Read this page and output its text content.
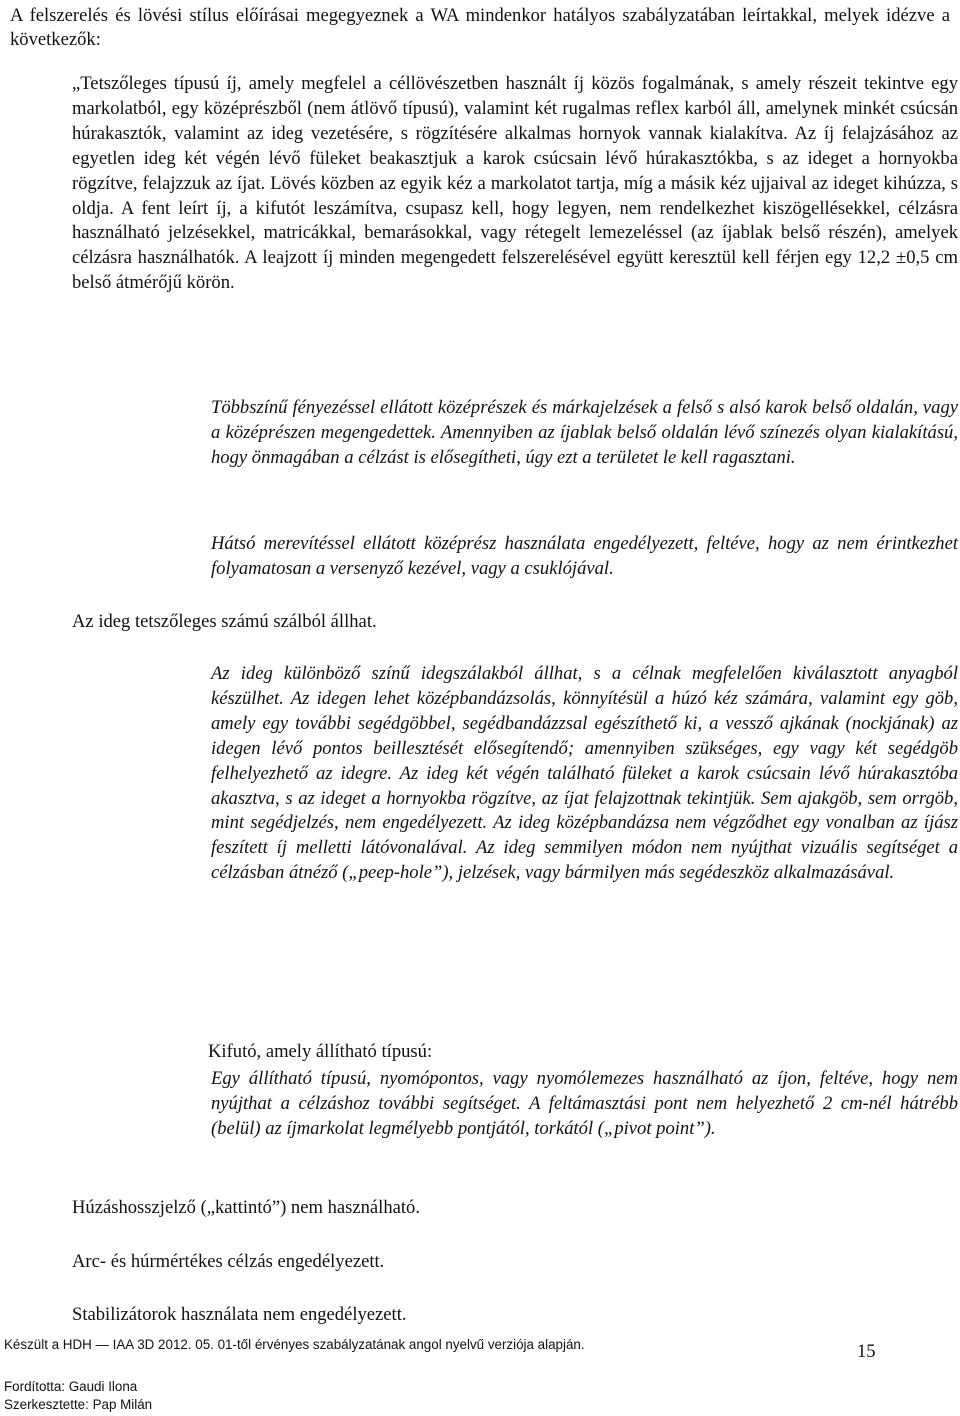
A felszerelés és lövési stílus előírásai megegyeznek a WA mindenkor hatályos szabályzatában leírtakkal, melyek idézve a következők:

„Tetszőleges típusú íj, amely megfelel a céllövészetben használt íj közös fogalmának, s amely részeit tekintve egy markolatból, egy középrészből (nem átlövő típusú), valamint két rugalmas reflex karból áll, amelynek minkét csúcsán húrakasztók, valamint az ideg vezetésére, s rögzítésére alkalmas hornyok vannak kialakítva. Az íj felajzásához az egyetlen ideg két végén lévő füleket beakasztjuk a karok csúcsain lévő húrakasztókba, s az ideget a hornyokba rögzítve, felajzzuk az íjat. Lövés közben az egyik kéz a markolatot tartja, míg a másik kéz ujjaival az ideget kihúzza, s oldja. A fent leírt íj, a kifutót leszámítva, csupasz kell, hogy legyen, nem rendelkezhet kiszögellésekkel, célzásra használható jelzésekkel, matricákkal, bemarásokkal, vagy rétegelt lemezeléssel (az íjablak belső részén), amelyek célzásra használhatók. A leajzott íj minden megengedett felszerelésével együtt keresztül kell férjen egy 12,2 ±0,5 cm belső átmérőjű körön.

Többszínű fényezéssel ellátott középrészek és márkajelzések a felső s alsó karok belső oldalán, vagy a középrészen megengedettek. Amennyiben az íjablak belső oldalán lévő színezés olyan kialakítású, hogy önmagában a célzást is elősegítheti, úgy ezt a területet le kell ragasztani.

Hátsó merevítéssel ellátott középrész használata engedélyezett, feltéve, hogy az nem érintkezhet folyamatosan a versenyző kezével, vagy a csuklójával.

Az ideg tetszőleges számú szálból állhat.

Az ideg különböző színű idegszálakból állhat, s a célnak megfelelően kiválasztott anyagból készülhet. Az idegen lehet középbandázsolás, könnyítésül a húzó kéz számára, valamint egy göb, amely egy további segédgöbbel, segédbandázzsal egészíthető ki, a vessző ajkának (nockjának) az idegen lévő pontos beillesztését elősegítendő; amennyiben szükséges, egy vagy két segédgöb felhelyezhető az idegre. Az ideg két végén található füleket a karok csúcsain lévő húrakasztóba akasztva, s az ideget a hornyokba rögzítve, az íjat felajzottnak tekintjük. Sem ajakgöb, sem orrgöb, mint segédjelzés, nem engedélyezett. Az ideg középbandázsa nem végződhet egy vonalban az íjász feszített íj melletti látóvonalával. Az ideg semmilyen módon nem nyújthat vizuális segítséget a célzásban átnéző („peep-hole”), jelzések, vagy bármilyen más segédeszköz alkalmazásával.

Kifutó, amely állítható típusú:

Egy állítható típusú, nyomópontos, vagy nyomólemezes használható az íjon, feltéve, hogy nem nyújthat a célzáshoz további segítséget. A feltámasztási pont nem helyezhető 2 cm-nél hátrébb (belül) az íjmarkolat legmélyebb pontjától, torkától („pivot point”).

Húzáshosszjelző („kattintó”) nem használható.

Arc- és húrmértékes célzás engedélyezett.

Stabilizátorok használata nem engedélyezett.

Készült a HDH — IAA 3D 2012. 05. 01-től érvényes szabályzatának angol nyelvű verziója alapján.	15
Fordította: Gaudi Ilona
Szerkesztette: Pap Milán
